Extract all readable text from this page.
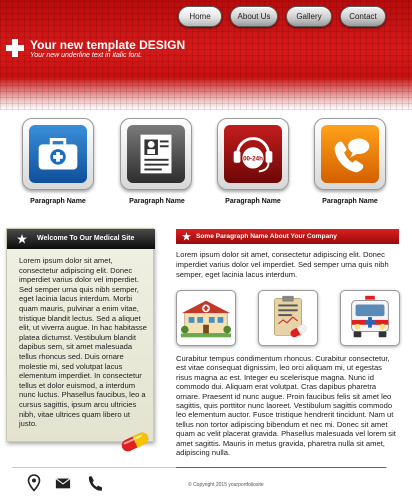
Home	About Us	Gallery	Contact
Your new template DESIGN
Your new underline text in italic font.
00-24h
Paragraph Name	Paragraph Name	Paragraph Name	Paragraph Name
Welcome To Our Medical Site
Lorem ipsum dolor sit amet, consectetur adipiscing elit. Donec imperdiet varius dolor vel imperdiet. Sed semper urna quis nibh semper, eget lacinia lacus interdum. Morbi quam mauris, pulvinar a enim vitae, tristique blandit lectus. Sed a aliquet elit, ut viverra augue. In hac habitasse platea dictumst. Vestibulum blandit dapibus sem, sit amet malesuada tellus rhoncus sed. Duis ornare molestie mi, sed volutpat lacus elementum imperdiet. In consectetur tellus et dolor euismod, a interdum nunc luctus. Phasellus faucibus, leo a cursus sagittis, ipsum arcu ultricies nibh, vitae ultrices quam libero ut justo.
Some Paragraph Name About Your Company
Lorem ipsum dolor sit amet, consectetur adipiscing elit. Donec imperdiet varius dolor vel imperdiet. Sed semper urna quis nibh semper, eget lacinia lacus interdum.
Curabitur tempus condimentum rhoncus. Curabitur consectetur, est vitae consequat dignissim, leo orci aliquam mi, ut egestas risus magna ac est. Integer eu scelerisque magna. Nunc id commodo dui. Aliquam erat volutpat. Cras dapibus pharetra ornare. Praesent id nunc augue. Proin faucibus felis sit amet leo sagittis, quis porttitor nunc laoreet. Vestibulum sagittis commodo leo elementum auctor. Fusce tristique hendrerit tincidunt. Nam ut tellus non tortor adipiscing bibendum et nec mi. Donec sit amet quam ac velit placerat gravida. Phasellus malesuada vel lorem sit amet sagittis. Mauris in metus gravida, pharetra nulla sit amet, adipiscing nulla.
© Copyright 2015 yourportfoliosite
